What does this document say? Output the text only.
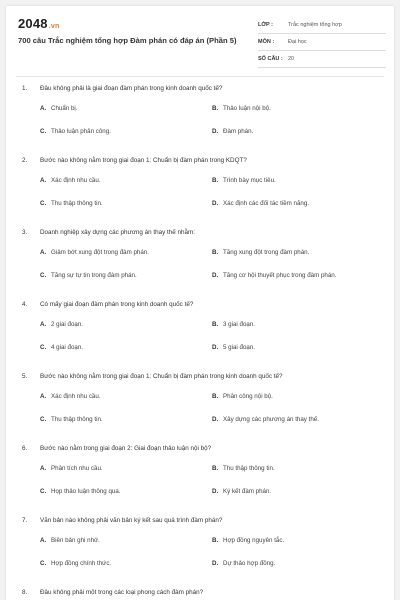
2048.vn
700 câu Trắc nghiệm tổng hợp Đàm phán có đáp án (Phần 5)
LỚP :	Trắc nghiệm tổng hợp
MÔN :	Đại học
SỐ CÂU : 20
1. Đâu không phải là giai đoạn đàm phán trong kinh doanh quốc tế?
A. Chuẩn bị.	B. Thảo luận nội bộ.
C. Thảo luận phân công.	D. Đàm phán.
2. Bước nào không nằm trong giai đoạn 1: Chuẩn bị đàm phán trong KDQT?
A. Xác định nhu cầu.	B. Trình bày mục tiêu.
C. Thu thập thông tin.	D. Xác định các đối tác tiềm năng.
3. Doanh nghiệp xây dựng các phương án thay thế nhằm:
A. Giảm bớt xung đột trong đàm phán.	B. Tăng xung đột trong đàm phán.
C. Tăng sự tự tin trong đàm phán.	D. Tăng cơ hội thuyết phục trong đàm phán.
4. Có mấy giai đoạn đàm phán trong kinh doanh quốc tế?
A. 2 giai đoạn.	B. 3 giai đoạn.
C. 4 giai đoạn.	D. 5 giai đoạn.
5. Bước nào không nằm trong giai đoạn 1: Chuẩn bị đàm phán trong kinh doanh quốc tế?
A. Xác định nhu cầu.	B. Phân công nội bộ.
C. Thu thập thông tin.	D. Xây dựng các phương án thay thế.
6. Bước nào nằm trong giai đoạn 2: Giai đoạn thảo luận nội bộ?
A. Phân tích nhu cầu.	B. Thu thập thông tin.
C. Họp thảo luận thông qua.	D. Ký kết đàm phán.
7. Văn bản nào không phải văn bản ký kết sau quá trình đàm phán?
A. Biên bản ghi nhớ.	B. Hợp đồng nguyên tắc.
C. Hợp đồng chính thức.	D. Dự thảo hợp đồng.
8. Đâu không phải một trong các loại phong cách đàm phán?
